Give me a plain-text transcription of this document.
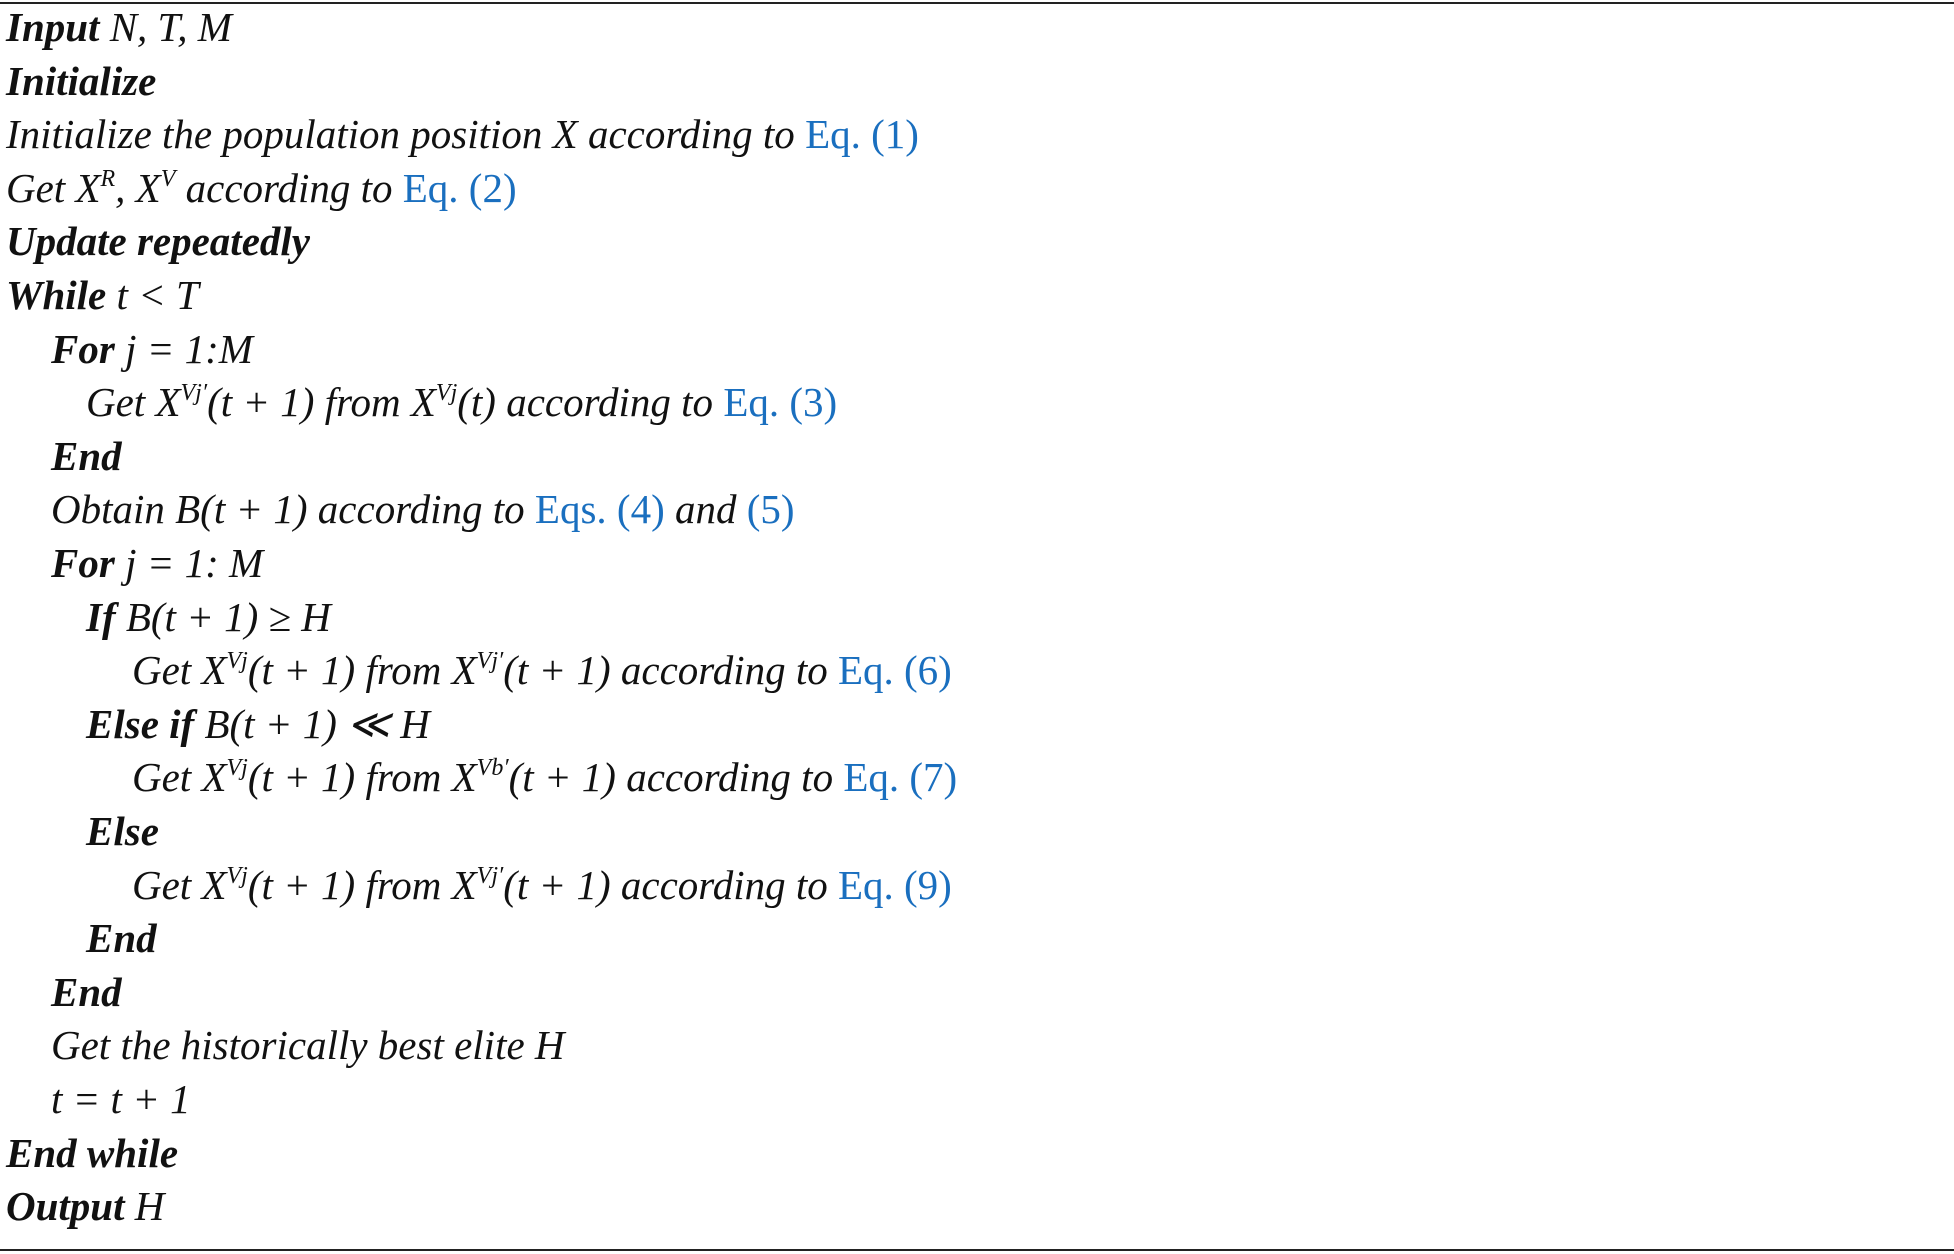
Input N, T, M
Initialize
Initialize the population position X according to Eq. (1)
Get $X^R$, $X^V$ according to Eq. (2)
Update repeatedly
While t < T
For j = 1:M
Get $X^{Vj'}(t + 1)$ from $X^{Vj}(t)$ according to Eq. (3)
End
Obtain B(t + 1) according to Eqs. (4) and (5)
For j = 1: M
If B(t + 1) ≥ H
Get $X^{Vj}(t + 1)$ from $X^{Vj'}(t + 1)$ according to Eq. (6)
Else if B(t + 1) ≪ H
Get $X^{Vj}(t + 1)$ from $X^{Vb'}(t + 1)$ according to Eq. (7)
Else
Get $X^{Vj}(t + 1)$ from $X^{Vj'}(t + 1)$ according to Eq. (9)
End
End
Get the historically best elite H
t = t + 1
End while
Output H
